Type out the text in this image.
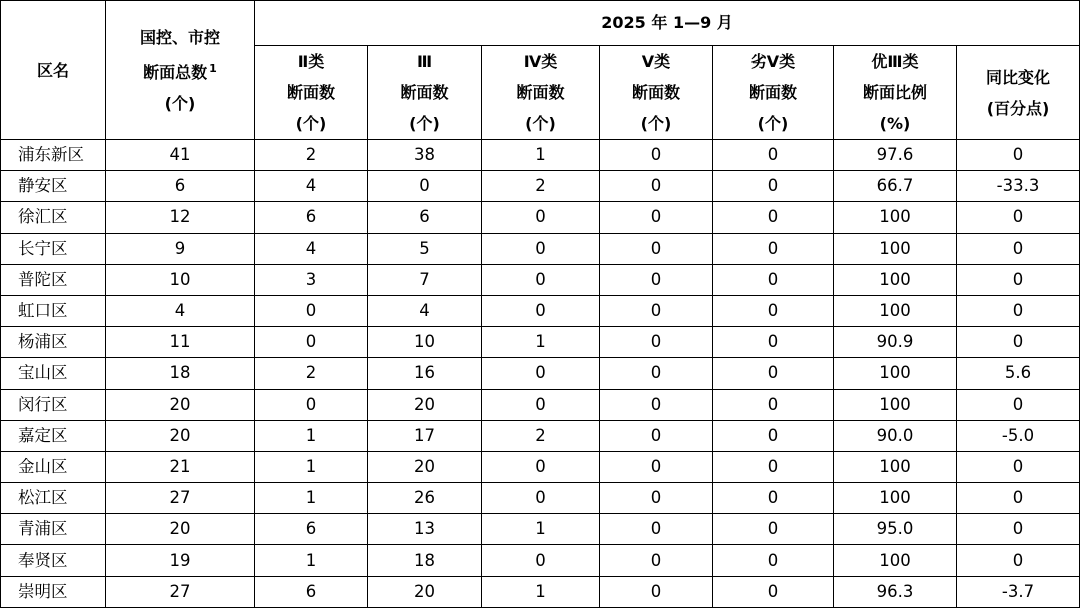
区名	国控、市控
断面总数 $^1$
(个)	2025 年 1—9 月						

		Ⅱ类
断面数
(个)	Ⅲ
断面数
(个)	Ⅳ类
断面数
(个)	Ⅴ类
断面数
(个)	劣Ⅴ类
断面数
(个)	优Ⅲ类
断面比例
(%)	同比变化
(百分点)

浦东新区	41	2	38	1	0	0	97.6	0
静安区	6	4	0	2	0	0	66.7	-33.3
徐汇区	12	6	6	0	0	0	100	0
长宁区	9	4	5	0	0	0	100	0
普陀区	10	3	7	0	0	0	100	0
虹口区	4	0	4	0	0	0	100	0
杨浦区	11	0	10	1	0	0	90.9	0
宝山区	18	2	16	0	0	0	100	5.6
闵行区	20	0	20	0	0	0	100	0
嘉定区	20	1	17	2	0	0	90.0	-5.0
金山区	21	1	20	0	0	0	100	0
松江区	27	1	26	0	0	0	100	0
青浦区	20	6	13	1	0	0	95.0	0
奉贤区	19	1	18	0	0	0	100	0
崇明区	27	6	20	1	0	0	96.3	-3.7
